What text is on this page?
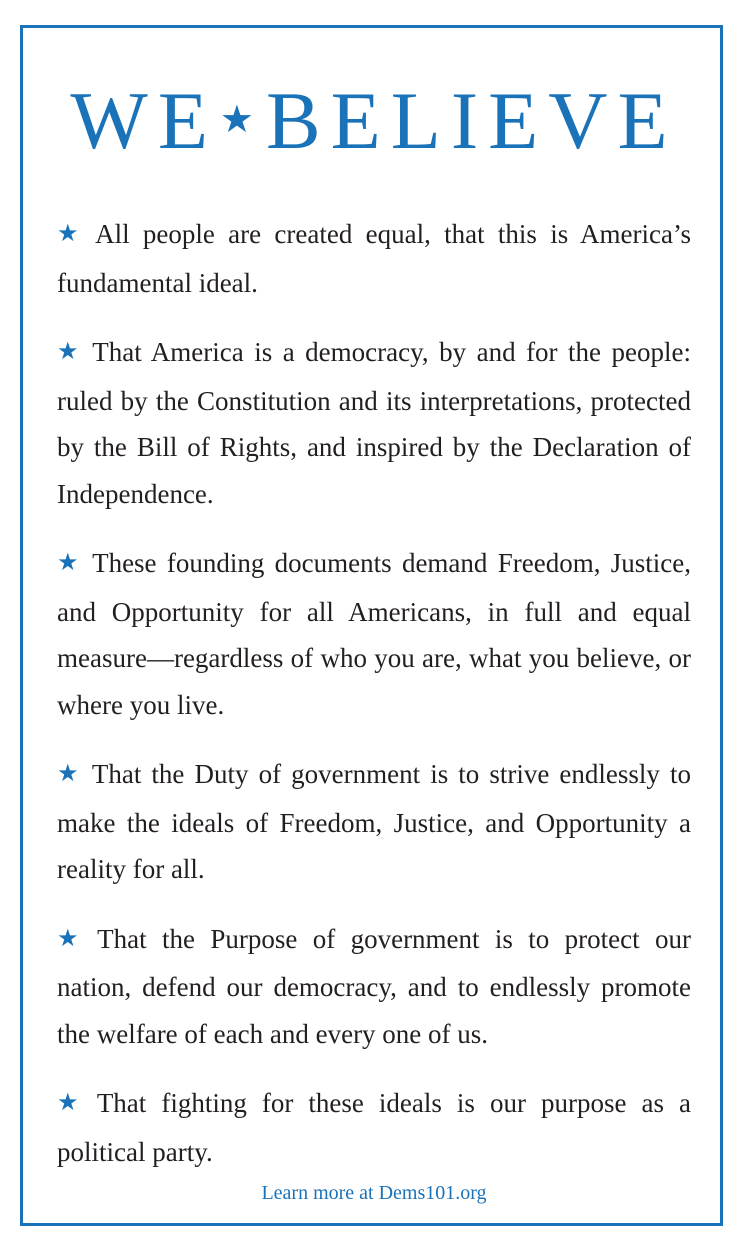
WE★ BELIEVE

★ All people are created equal, that this is America’s fundamental ideal.

★ That America is a democracy, by and for the people: ruled by the Constitution and its interpretations, protected by the Bill of Rights, and inspired by the Declaration of Independence.

★ These founding documents demand Freedom, Justice, and Opportunity for all Americans, in full and equal measure—regardless of who you are, what you believe, or where you live.

★ That the Duty of government is to strive endlessly to make the ideals of Freedom, Justice, and Opportunity a reality for all.

★ That the Purpose of government is to protect our nation, defend our democracy, and to endlessly promote the welfare of each and every one of us.

★ That fighting for these ideals is our purpose as a political party.

Learn more at Dems101.org
